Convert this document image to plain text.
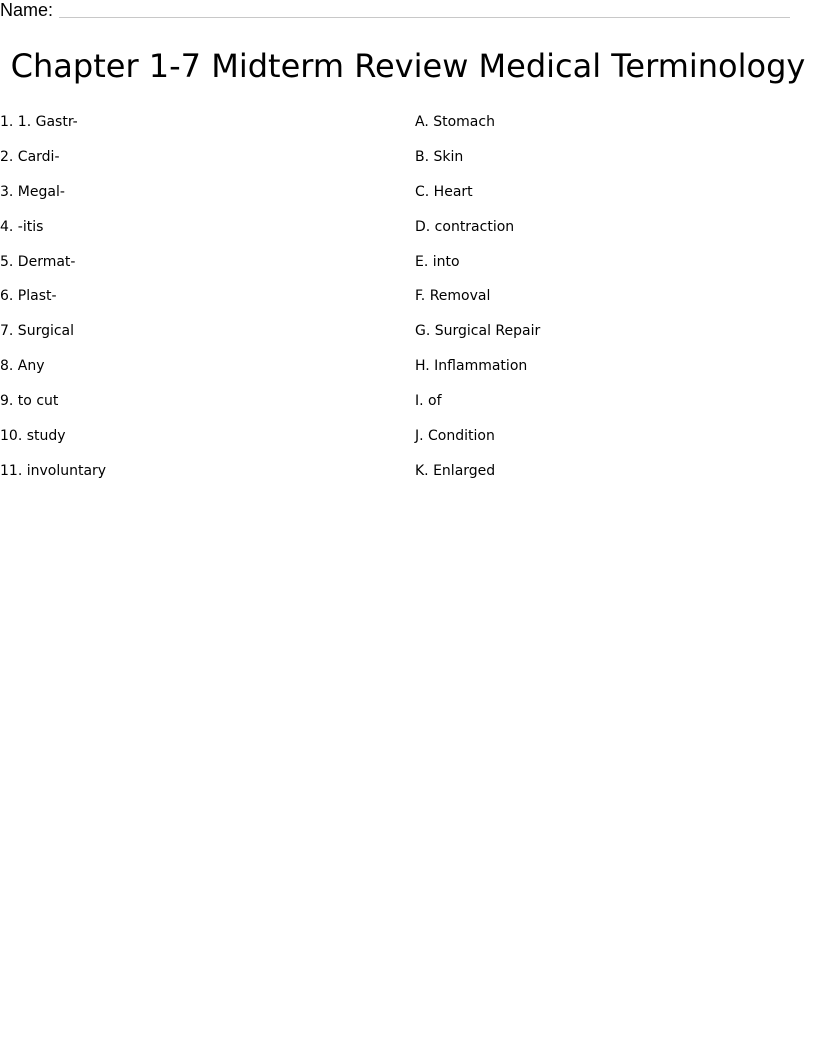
Name:
Chapter 1-7 Midterm Review Medical Terminology
1. 1. Gastr-
2. Cardi-
3. Megal-
4. -itis
5. Dermat-
6. Plast-
7. Surgical
8. Any
9. to cut
10. study
11. involuntary
A. Stomach
B. Skin
C. Heart
D. contraction
E. into
F. Removal
G. Surgical Repair
H. Inflammation
I. of
J. Condition
K. Enlarged
